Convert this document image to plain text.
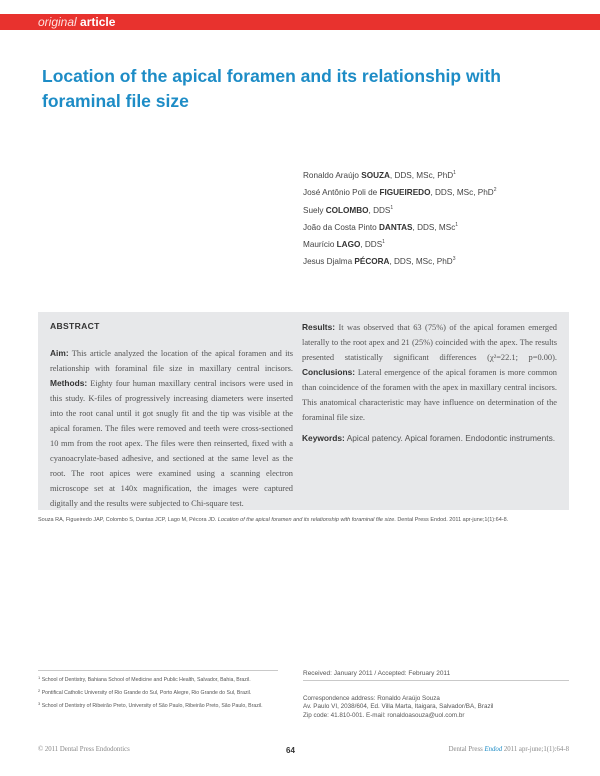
original article
Location of the apical foramen and its relationship with foraminal file size
Ronaldo Araújo SOUZA, DDS, MSc, PhD$^1$
José Antônio Poli de FIGUEIREDO, DDS, MSc, PhD$^2$
Suely COLOMBO, DDS$^1$
João da Costa Pinto DANTAS, DDS, MSc$^1$
Maurício LAGO, DDS$^1$
Jesus Djalma PÉCORA, DDS, MSc, PhD$^3$
ABSTRACT
Aim: This article analyzed the location of the apical foramen and its relationship with foraminal file size in maxillary central incisors. Methods: Eighty four human maxillary central incisors were used in this study. K-files of progressively increasing diameters were inserted into the root canal until it got snugly fit and the tip was visible at the apical foramen. The files were removed and teeth were cross-sectioned 10 mm from the root apex. The files were then reinserted, fixed with a cyanoacrylate-based adhesive, and sectioned at the same level as the root. The root apices were examined using a scanning electron microscope set at 140x magnification, the images were captured digitally and the results were subjected to Chi-square test.
Results: It was observed that 63 (75%) of the apical foramen emerged laterally to the root apex and 21 (25%) coincided with the apex. The results presented statistically significant differences (χ²=22.1; p=0.00). Conclusions: Lateral emergence of the apical foramen is more common than coincidence of the foramen with the apex in maxillary central incisors. This anatomical characteristic may have influence on determination of the foraminal file size.
Keywords: Apical patency. Apical foramen. Endodontic instruments.
Souza RA, Figueiredo JAP, Colombo S, Dantas JCP, Lago M, Pécora JD. Location of the apical foramen and its relationship with foraminal file size. Dental Press Endod. 2011 apr-june;1(1):64-8.
$^1$ School of Dentistry, Bahiana School of Medicine and Public Health, Salvador, Bahia, Brazil.
$^2$ Pontifical Catholic University of Rio Grande do Sul, Porto Alegre, Rio Grande do Sul, Brazil.
$^3$ School of Dentistry of Ribeirão Preto, University of São Paulo, Ribeirão Preto, São Paulo, Brazil.
Received: January 2011 / Accepted: February 2011
Correspondence address: Ronaldo Araújo Souza
Av. Paulo VI, 2038/604, Ed. Villa Marta, Itaigara, Salvador/BA, Brazil
Zip code: 41.810-001. E-mail: ronaldoasouza@uol.com.br
© 2011 Dental Press Endodontics	64	Dental Press Endod 2011 apr-june;1(1):64-8
